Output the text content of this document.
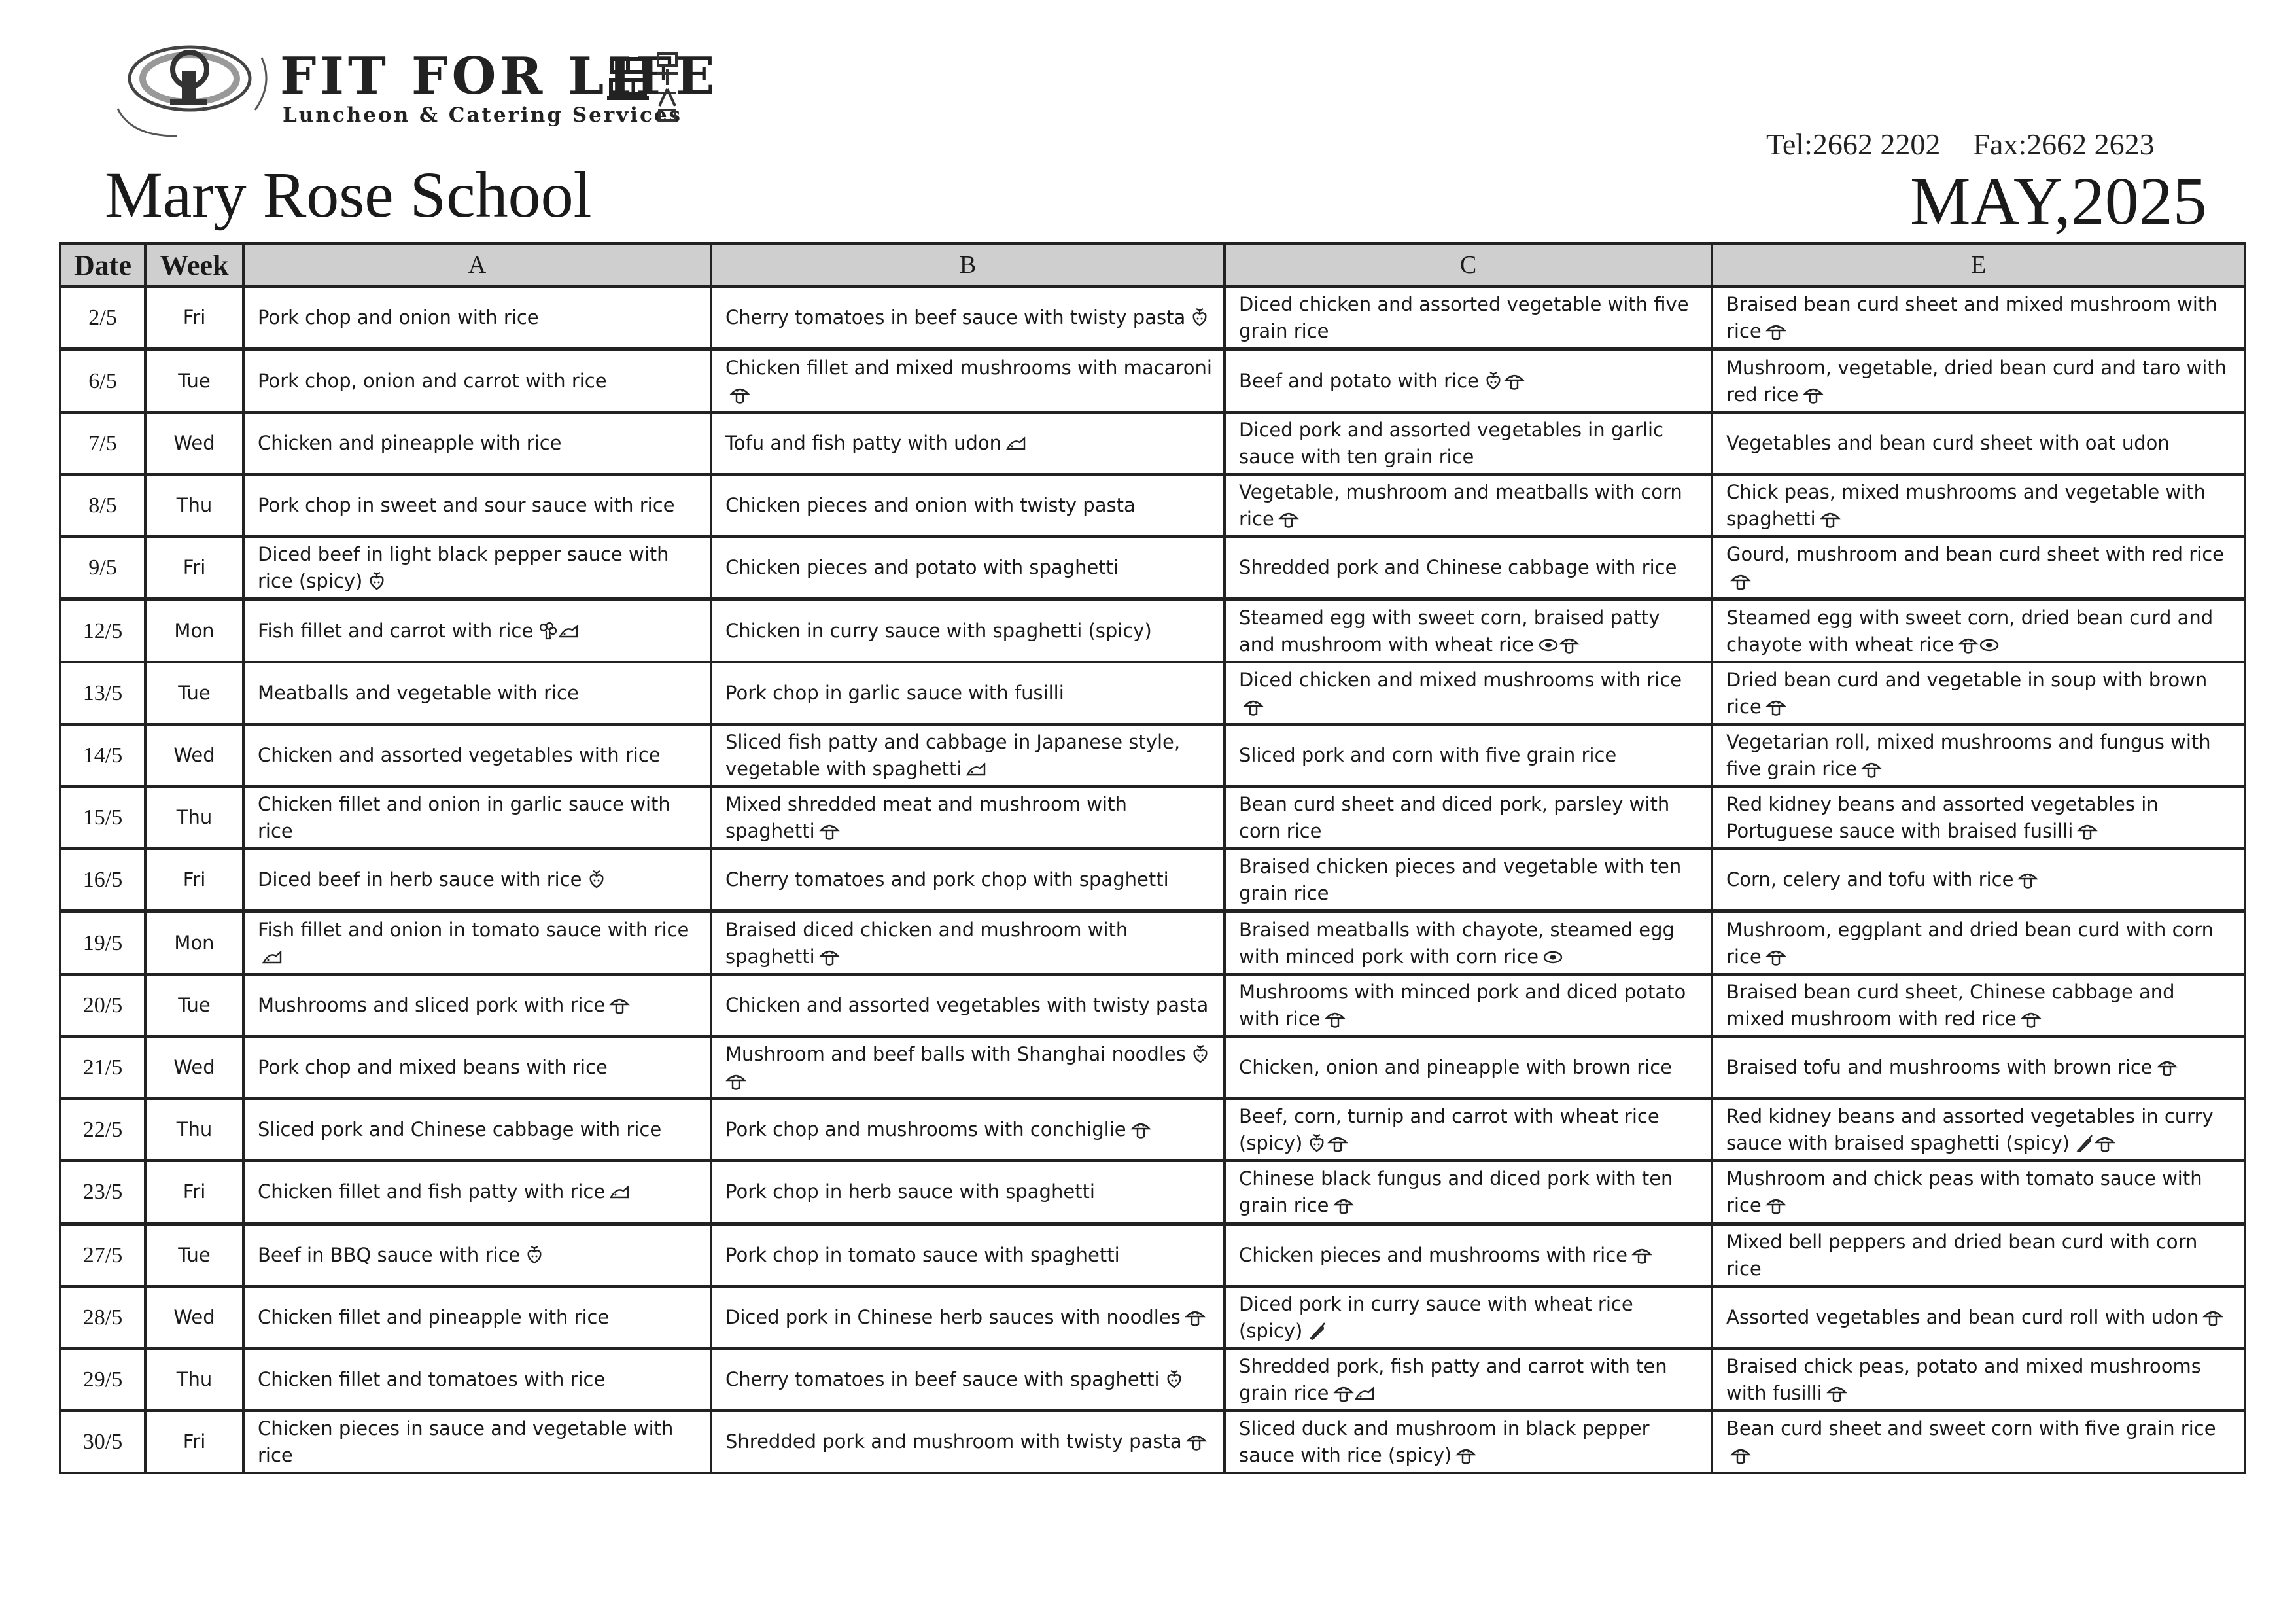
FIT FOR LIFE
Luncheon & Catering Services
Tel:2662 2202 Fax:2662 2623
Mary Rose School	MAY,2025
Date	Week	A	B	C	E
2/5	Fri	Pork chop and onion with rice	Cherry tomatoes in beef sauce with twisty pasta	Diced chicken and assorted vegetable with five grain rice	Braised bean curd sheet and mixed mushroom with rice

6/5	Tue	Pork chop, onion and carrot with rice	Chicken fillet and mixed mushrooms with macaroni	Beef and potato with rice	Mushroom, vegetable, dried bean curd and taro with red rice

7/5	Wed	Chicken and pineapple with rice	Tofu and fish patty with udon	Diced pork and assorted vegetables in garlic sauce with ten grain rice	Vegetables and bean curd sheet with oat udon
8/5	Thu	Pork chop in sweet and sour sauce with rice	Chicken pieces and onion with twisty pasta	Vegetable, mushroom and meatballs with corn rice	Chick peas, mixed mushrooms and vegetable with spaghetti

9/5	Fri	Diced beef in light black pepper sauce with rice (spicy)	Chicken pieces and potato with spaghetti	Shredded pork and Chinese cabbage with rice	Gourd, mushroom and bean curd sheet with red rice

12/5	Mon	Fish fillet and carrot with rice	Chicken in curry sauce with spaghetti (spicy)	Steamed egg with sweet corn, braised patty and mushroom with wheat rice	Steamed egg with sweet corn, dried bean curd and chayote with wheat rice

13/5	Tue	Meatballs and vegetable with rice	Pork chop in garlic sauce with fusilli	Diced chicken and mixed mushrooms with rice	Dried bean curd and vegetable in soup with brown rice

14/5	Wed	Chicken and assorted vegetables with rice	Sliced fish patty and cabbage in Japanese style, vegetable with spaghetti	Sliced pork and corn with five grain rice	Vegetarian roll, mixed mushrooms and fungus with five grain rice

15/5	Thu	Chicken fillet and onion in garlic sauce with rice	Mixed shredded meat and mushroom with spaghetti	Bean curd sheet and diced pork, parsley with corn rice	Red kidney beans and assorted vegetables in Portuguese sauce with braised fusilli

16/5	Fri	Diced beef in herb sauce with rice	Cherry tomatoes and pork chop with spaghetti	Braised chicken pieces and vegetable with ten grain rice	Corn, celery and tofu with rice

19/5	Mon	Fish fillet and onion in tomato sauce with rice	Braised diced chicken and mushroom with spaghetti	Braised meatballs with chayote, steamed egg with minced pork with corn rice	Mushroom, eggplant and dried bean curd with corn rice

20/5	Tue	Mushrooms and sliced pork with rice	Chicken and assorted vegetables with twisty pasta	Mushrooms with minced pork and diced potato with rice	Braised bean curd sheet, Chinese cabbage and mixed mushroom with red rice

21/5	Wed	Pork chop and mixed beans with rice	Mushroom and beef balls with Shanghai noodles	Chicken, onion and pineapple with brown rice	Braised tofu and mushrooms with brown rice

22/5	Thu	Sliced pork and Chinese cabbage with rice	Pork chop and mushrooms with conchiglie	Beef, corn, turnip and carrot with wheat rice (spicy)	Red kidney beans and assorted vegetables in curry sauce with braised spaghetti (spicy)

23/5	Fri	Chicken fillet and fish patty with rice	Pork chop in herb sauce with spaghetti	Chinese black fungus and diced pork with ten grain rice	Mushroom and chick peas with tomato sauce with rice

27/5	Tue	Beef in BBQ sauce with rice	Pork chop in tomato sauce with spaghetti	Chicken pieces and mushrooms with rice	Mixed bell peppers and dried bean curd with corn rice
28/5	Wed	Chicken fillet and pineapple with rice	Diced pork in Chinese herb sauces with noodles	Diced pork in curry sauce with wheat rice (spicy)	Assorted vegetables and bean curd roll with udon

29/5	Thu	Chicken fillet and tomatoes with rice	Cherry tomatoes in beef sauce with spaghetti	Shredded pork, fish patty and carrot with ten grain rice	Braised chick peas, potato and mixed mushrooms with fusilli

30/5	Fri	Chicken pieces in sauce and vegetable with rice	Shredded pork and mushroom with twisty pasta	Sliced duck and mushroom in black pepper sauce with rice (spicy)	Bean curd sheet and sweet corn with five grain rice
